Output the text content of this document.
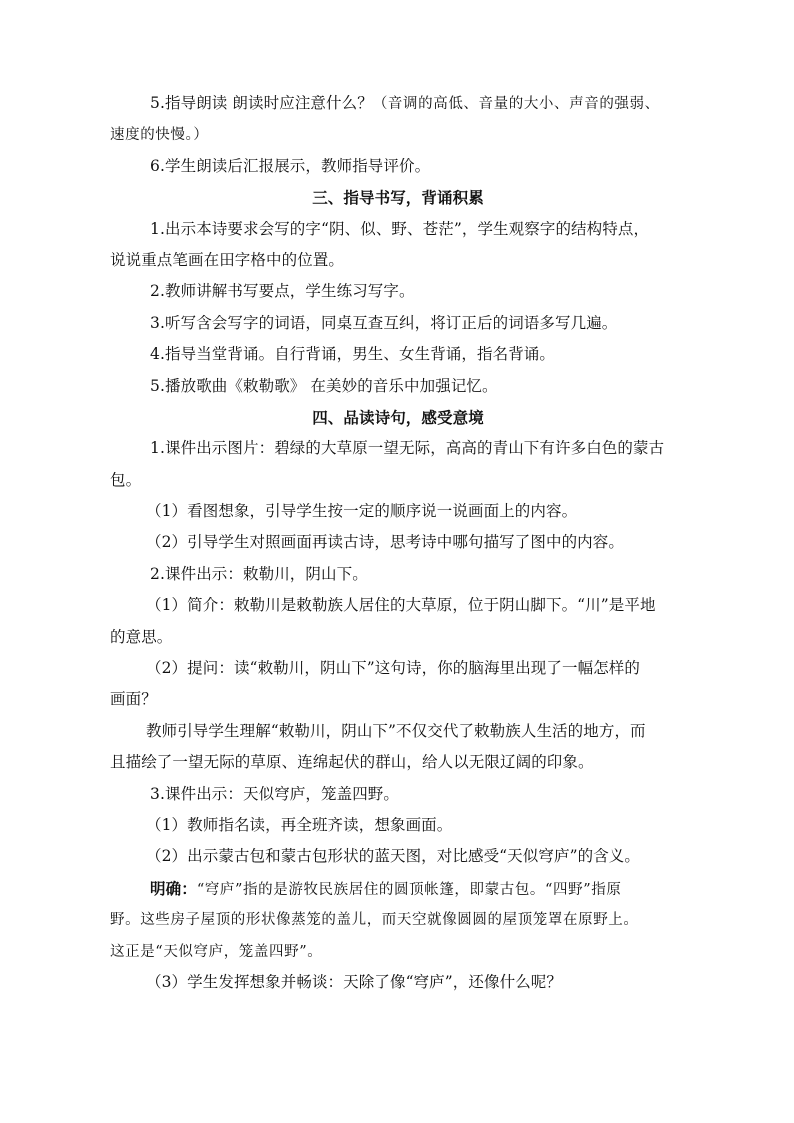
5.指导朗读 朗读时应注意什么？（音调的高低、音量的大小、声音的强弱、
速度的快慢。）
6.学生朗读后汇报展示，教师指导评价。
三、指导书写，背诵积累
1.出示本诗要求会写的字“阴、似、野、苍茫”，学生观察字的结构特点，
说说重点笔画在田字格中的位置。
2.教师讲解书写要点，学生练习写字。
3.听写含会写字的词语，同桌互查互纠，将订正后的词语多写几遍。
4.指导当堂背诵。自行背诵，男生、女生背诵，指名背诵。
5.播放歌曲《敕勒歌》 在美妙的音乐中加强记忆。
四、品读诗句，感受意境
1.课件出示图片：碧绿的大草原一望无际，高高的青山下有许多白色的蒙古
包。
（1）看图想象，引导学生按一定的顺序说一说画面上的内容。
（2）引导学生对照画面再读古诗，思考诗中哪句描写了图中的内容。
2.课件出示：敕勒川，阴山下。
（1）简介：敕勒川是敕勒族人居住的大草原，位于阴山脚下。“川”是平地
的意思。
（2）提问：读“敕勒川，阴山下”这句诗，你的脑海里出现了一幅怎样的
画面？
教师引导学生理解“敕勒川，阴山下”不仅交代了敕勒族人生活的地方，而
且描绘了一望无际的草原、连绵起伏的群山，给人以无限辽阔的印象。
3.课件出示：天似穹庐，笼盖四野。
（1）教师指名读，再全班齐读，想象画面。
（2）出示蒙古包和蒙古包形状的蓝天图，对比感受“天似穹庐”的含义。
明确：“穹庐”指的是游牧民族居住的圆顶帐篷，即蒙古包。“四野”指原
野。这些房子屋顶的形状像蒸笼的盖儿，而天空就像圆圆的屋顶笼罩在原野上。
这正是“天似穹庐，笼盖四野”。
（3）学生发挥想象并畅谈：天除了像“穹庐”，还像什么呢？
